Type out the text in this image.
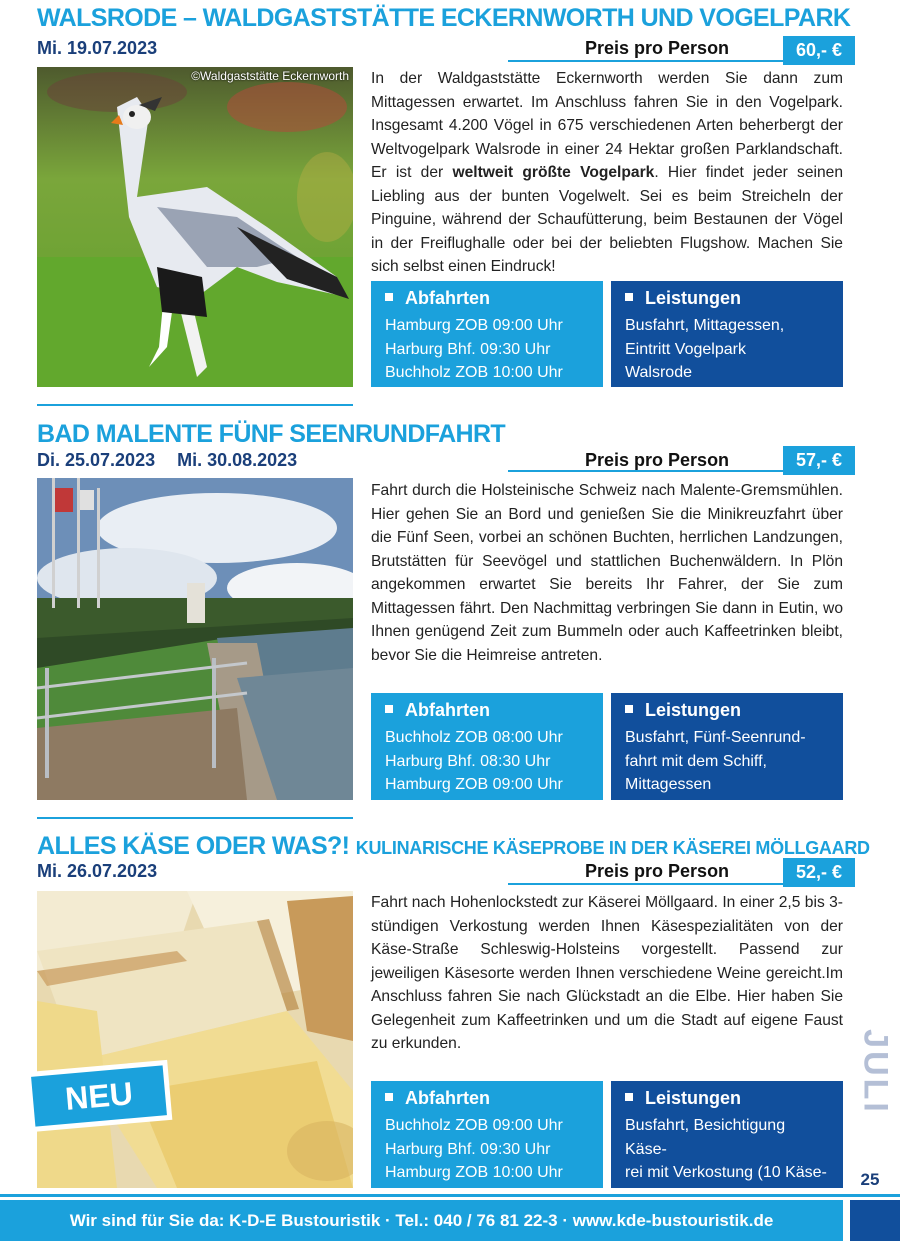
WALSRODE – WALDGASTSTÄTTE ECKERNWORTH UND VOGELPARK
Mi. 19.07.2023	Preis pro Person	60,- €
©Waldgaststätte Eckernworth In der Waldgaststätte Eckernworth werden Sie dann zum Mittagessen erwartet. Im Anschluss fahren Sie in den Vogelpark. Insgesamt 4.200 Vögel in 675 verschiedenen Arten beherbergt der Weltvogelpark Walsrode in einer 24 Hektar großen Parklandschaft. Er ist der weltweit größte Vogelpark. Hier findet jeder seinen Liebling aus der bunten Vogelwelt. Sei es beim Streicheln der Pinguine, während der Schaufütterung, beim Bestaunen der Vögel in der Freiflughalle oder bei der beliebten Flugshow. Machen Sie sich selbst einen Eindruck!
Abfahrten
Hamburg ZOB 09:00 Uhr
Harburg Bhf. 09:30 Uhr
Buchholz ZOB 10:00 Uhr
Leistungen
Busfahrt, Mittagessen,
Eintritt Vogelpark
Walsrode
BAD MALENTE FÜNF SEENRUNDFAHRT
Di. 25.07.2023 Mi. 30.08.2023	Preis pro Person	57,- €
Fahrt durch die Holsteinische Schweiz nach Malente-Gremsmühlen. Hier gehen Sie an Bord und genießen Sie die Minikreuzfahrt über die Fünf Seen, vorbei an schönen Buchten, herrlichen Landzungen, Brutstätten für Seevögel und stattlichen Buchenwäldern. In Plön angekommen erwartet Sie bereits Ihr Fahrer, der Sie zum Mittagessen fährt. Den Nachmittag verbringen Sie dann in Eutin, wo Ihnen genügend Zeit zum Bummeln oder auch Kaffeetrinken bleibt, bevor Sie die Heimreise antreten.
Abfahrten
Buchholz ZOB 08:00 Uhr
Harburg Bhf. 08:30 Uhr
Hamburg ZOB 09:00 Uhr
Leistungen
Busfahrt, Fünf-Seenrund-
fahrt mit dem Schiff,
Mittagessen
ALLES KÄSE ODER WAS?! KULINARISCHE KÄSEPROBE IN DER KÄSEREI MÖLLGAARD
Mi. 26.07.2023	Preis pro Person	52,- €
NEU
Fahrt nach Hohenlockstedt zur Käserei Möllgaard. In einer 2,5 bis 3-stündigen Verkostung werden Ihnen Käsespezialitäten von der Käse-Straße Schleswig-Holsteins vorgestellt. Passend zur jeweiligen Käsesorte werden Ihnen verschiedene Weine gereicht.Im Anschluss fahren Sie nach Glückstadt an die Elbe. Hier haben Sie Gelegenheit zum Kaffeetrinken und um die Stadt auf eigene Faust zu erkunden.
Abfahrten
Buchholz ZOB 09:00 Uhr
Harburg Bhf. 09:30 Uhr
Hamburg ZOB 10:00 Uhr
Leistungen
Busfahrt, Besichtigung Käse-
rei mit Verkostung (10 Käse-
JULI
25
Wir sind für Sie da: K-D-E Bustouristik · Tel.: 040 / 76 81 22-3 · www.kde-bustouristik.de
